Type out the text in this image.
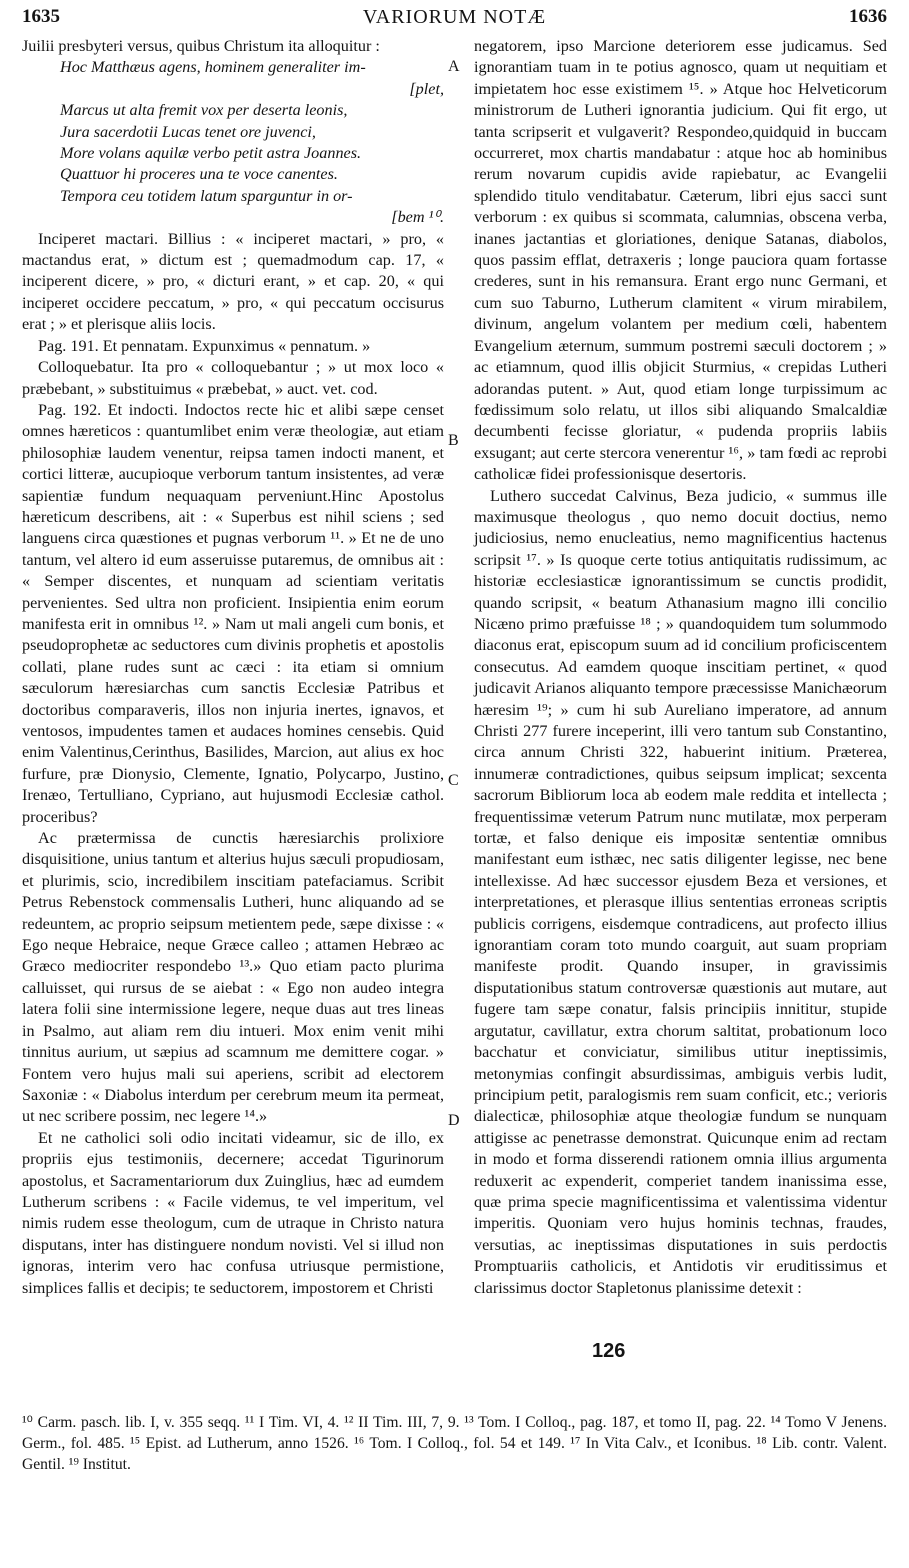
1635	VARIORUM NOTÆ	1636

Juilii presbyteri versus, quibus Christum ita alloquitur :

Hoc Matthæus agens, hominem generaliter im-
[plet,
Marcus ut alta fremit vox per deserta leonis,
Jura sacerdotii Lucas tenet ore juvenci,
More volans aquilæ verbo petit astra Joannes.
Quattuor hi proceres una te voce canentes.
Tempora ceu totidem latum sparguntur in or-
[bem ¹⁰.

Inciperet mactari. Billius : « inciperet mactari, » pro, « mactandus erat, » dictum est ; quemadmodum cap. 17, « inciperent dicere, » pro, « dicturi erant, » et cap. 20, « qui inciperet occidere peccatum, » pro, « qui peccatum occisurus erat ; » et plerisque aliis locis.

Pag. 191. Et pennatam. Expunximus « pennatum. »

Colloquebatur. Ita pro « colloquebantur ; » ut mox loco « præbebant, » substituimus « præbebat, » auct. vet. cod.

Pag. 192. Et indocti. Indoctos recte hic et alibi sæpe censet omnes hæreticos : quantumlibet enim veræ theologiæ, aut etiam philosophiæ laudem venentur, reipsa tamen indocti manent, et cortici litteræ, aucupioque verborum tantum insistentes, ad veræ sapientiæ fundum nequaquam perveniunt.Hinc Apostolus hæreticum describens, ait : « Superbus est nihil sciens ; sed languens circa quæstiones et pugnas verborum ¹¹. » Et ne de uno tantum, vel altero id eum asseruisse putaremus, de omnibus ait : « Semper discentes, et nunquam ad scientiam veritatis pervenientes. Sed ultra non proficient. Insipientia enim eorum manifesta erit in omnibus ¹². » Nam ut mali angeli cum bonis, et pseudoprophetæ ac seductores cum divinis prophetis et apostolis collati, plane rudes sunt ac cæci : ita etiam si omnium sæculorum hæresiarchas cum sanctis Ecclesiæ Patribus et doctoribus comparaveris, illos non injuria inertes, ignavos, et ventosos, impudentes tamen et audaces homines censebis. Quid enim Valentinus,Cerinthus, Basilides, Marcion, aut alius ex hoc furfure, præ Dionysio, Clemente, Ignatio, Polycarpo, Justino, Irenæo, Tertulliano, Cypriano, aut hujusmodi Ecclesiæ cathol. proceribus?

Ac prætermissa de cunctis hæresiarchis prolixiore disquisitione, unius tantum et alterius hujus sæculi propudiosam, et plurimis, scio, incredibilem inscitiam patefaciamus. Scribit Petrus Rebenstock commensalis Lutheri, hunc aliquando ad se redeuntem, ac proprio seipsum metientem pede, sæpe dixisse : « Ego neque Hebraice, neque Græce calleo ; attamen Hebræo ac Græco mediocriter respondebo ¹³.» Quo etiam pacto plurima calluisset, qui rursus de se aiebat : « Ego non audeo integra latera folii sine intermissione legere, neque duas aut tres lineas in Psalmo, aut aliam rem diu intueri. Mox enim venit mihi tinnitus aurium, ut sæpius ad scamnum me demittere cogar. » Fontem vero hujus mali sui aperiens, scribit ad electorem Saxoniæ : « Diabolus interdum per cerebrum meum ita permeat, ut nec scribere possim, nec legere ¹⁴.»

Et ne catholici soli odio incitati videamur, sic de illo, ex propriis ejus testimoniis, decernere; accedat Tigurinorum apostolus, et Sacramentariorum dux Zuinglius, hæc ad eumdem Lutherum scribens : « Facile videmus, te vel imperitum, vel nimis rudem esse theologum, cum de utraque in Christo natura disputans, inter has distinguere nondum novisti. Vel si illud non ignoras, interim vero hac confusa utriusque permistione, simplices fallis et decipis; te seductorem, impostorem et Christi

A
B
C
D

negatorem, ipso Marcione deteriorem esse judicamus. Sed ignorantiam tuam in te potius agnosco, quam ut nequitiam et impietatem hoc esse existimem ¹⁵. » Atque hoc Helveticorum ministrorum de Lutheri ignorantia judicium. Qui fit ergo, ut tanta scripserit et vulgaverit? Respondeo,quidquid in buccam occurreret, mox chartis mandabatur : atque hoc ab hominibus rerum novarum cupidis avide rapiebatur, ac Evangelii splendido titulo venditabatur. Cæterum, libri ejus sacci sunt verborum : ex quibus si scommata, calumnias, obscena verba, inanes jactantias et gloriationes, denique Satanas, diabolos, quos passim efflat, detraxeris ; longe pauciora quam fortasse crederes, sunt in his remansura. Erant ergo nunc Germani, et cum suo Taburno, Lutherum clamitent « virum mirabilem, divinum, angelum volantem per medium cœli, habentem Evangelium æternum, summum postremi sæculi doctorem ; » ac etiamnum, quod illis objicit Sturmius, « crepidas Lutheri adorandas putent. » Aut, quod etiam longe turpissimum ac fœdissimum solo relatu, ut illos sibi aliquando Smalcaldiæ decumbenti fecisse gloriatur, « pudenda propriis labiis exsugant; aut certe stercora venerentur ¹⁶, » tam fœdi ac reprobi catholicæ fidei professionisque desertoris.

Luthero succedat Calvinus, Beza judicio, « summus ille maximusque theologus , quo nemo docuit doctius, nemo judiciosius, nemo enucleatius, nemo magnificentius hactenus scripsit ¹⁷. » Is quoque certe totius antiquitatis rudissimum, ac historiæ ecclesiasticæ ignorantissimum se cunctis prodidit, quando scripsit, « beatum Athanasium magno illi concilio Nicæno primo præfuisse ¹⁸ ; » quandoquidem tum solummodo diaconus erat, episcopum suum ad id concilium proficiscentem consecutus. Ad eamdem quoque inscitiam pertinet, « quod judicavit Arianos aliquanto tempore præcessisse Manichæorum hæresim ¹⁹; » cum hi sub Aureliano imperatore, ad annum Christi 277 furere inceperint, illi vero tantum sub Constantino, circa annum Christi 322, habuerint initium. Præterea, innumeræ contradictiones, quibus seipsum implicat; sexcenta sacrorum Bibliorum loca ab eodem male reddita et intellecta ; frequentissimæ veterum Patrum nunc mutilatæ, mox perperam tortæ, et falso denique eis impositæ sententiæ omnibus manifestant eum isthæc, nec satis diligenter legisse, nec bene intellexisse. Ad hæc successor ejusdem Beza et versiones, et interpretationes, et plerasque illius sententias erroneas scriptis publicis corrigens, eisdemque contradicens, aut profecto illius ignorantiam coram toto mundo coarguit, aut suam propriam manifeste prodit. Quando insuper, in gravissimis disputationibus statum controversæ quæstionis aut mutare, aut fugere tam sæpe conatur, falsis principiis innititur, stupide argutatur, cavillatur, extra chorum saltitat, probationum loco bacchatur et conviciatur, similibus utitur ineptissimis, metonymias confingit absurdissimas, ambiguis verbis ludit, principium petit, paralogismis rem suam conficit, etc.; verioris dialecticæ, philosophiæ atque theologiæ fundum se nunquam attigisse ac penetrasse demonstrat. Quicunque enim ad rectam in modo et forma disserendi rationem omnia illius argumenta reduxerit ac expenderit, comperiet tandem inanissima esse, quæ prima specie magnificentissima et valentissima videntur imperitis. Quoniam vero hujus hominis technas, fraudes, versutias, ac ineptissimas disputationes in suis perdoctis Promptuariis catholicis, et Antidotis vir eruditissimus et clarissimus doctor Stapletonus planissime detexit :

126
¹⁰ Carm. pasch. lib. I, v. 355 seqq. ¹¹ I Tim. VI, 4. ¹² II Tim. III, 7, 9. ¹³ Tom. I Colloq., pag. 187, et tomo II, pag. 22. ¹⁴ Tomo V Jenens. Germ., fol. 485. ¹⁵ Epist. ad Lutherum, anno 1526. ¹⁶ Tom. I Colloq., fol. 54 et 149. ¹⁷ In Vita Calv., et Iconibus. ¹⁸ Lib. contr. Valent. Gentil. ¹⁹ Institut.
